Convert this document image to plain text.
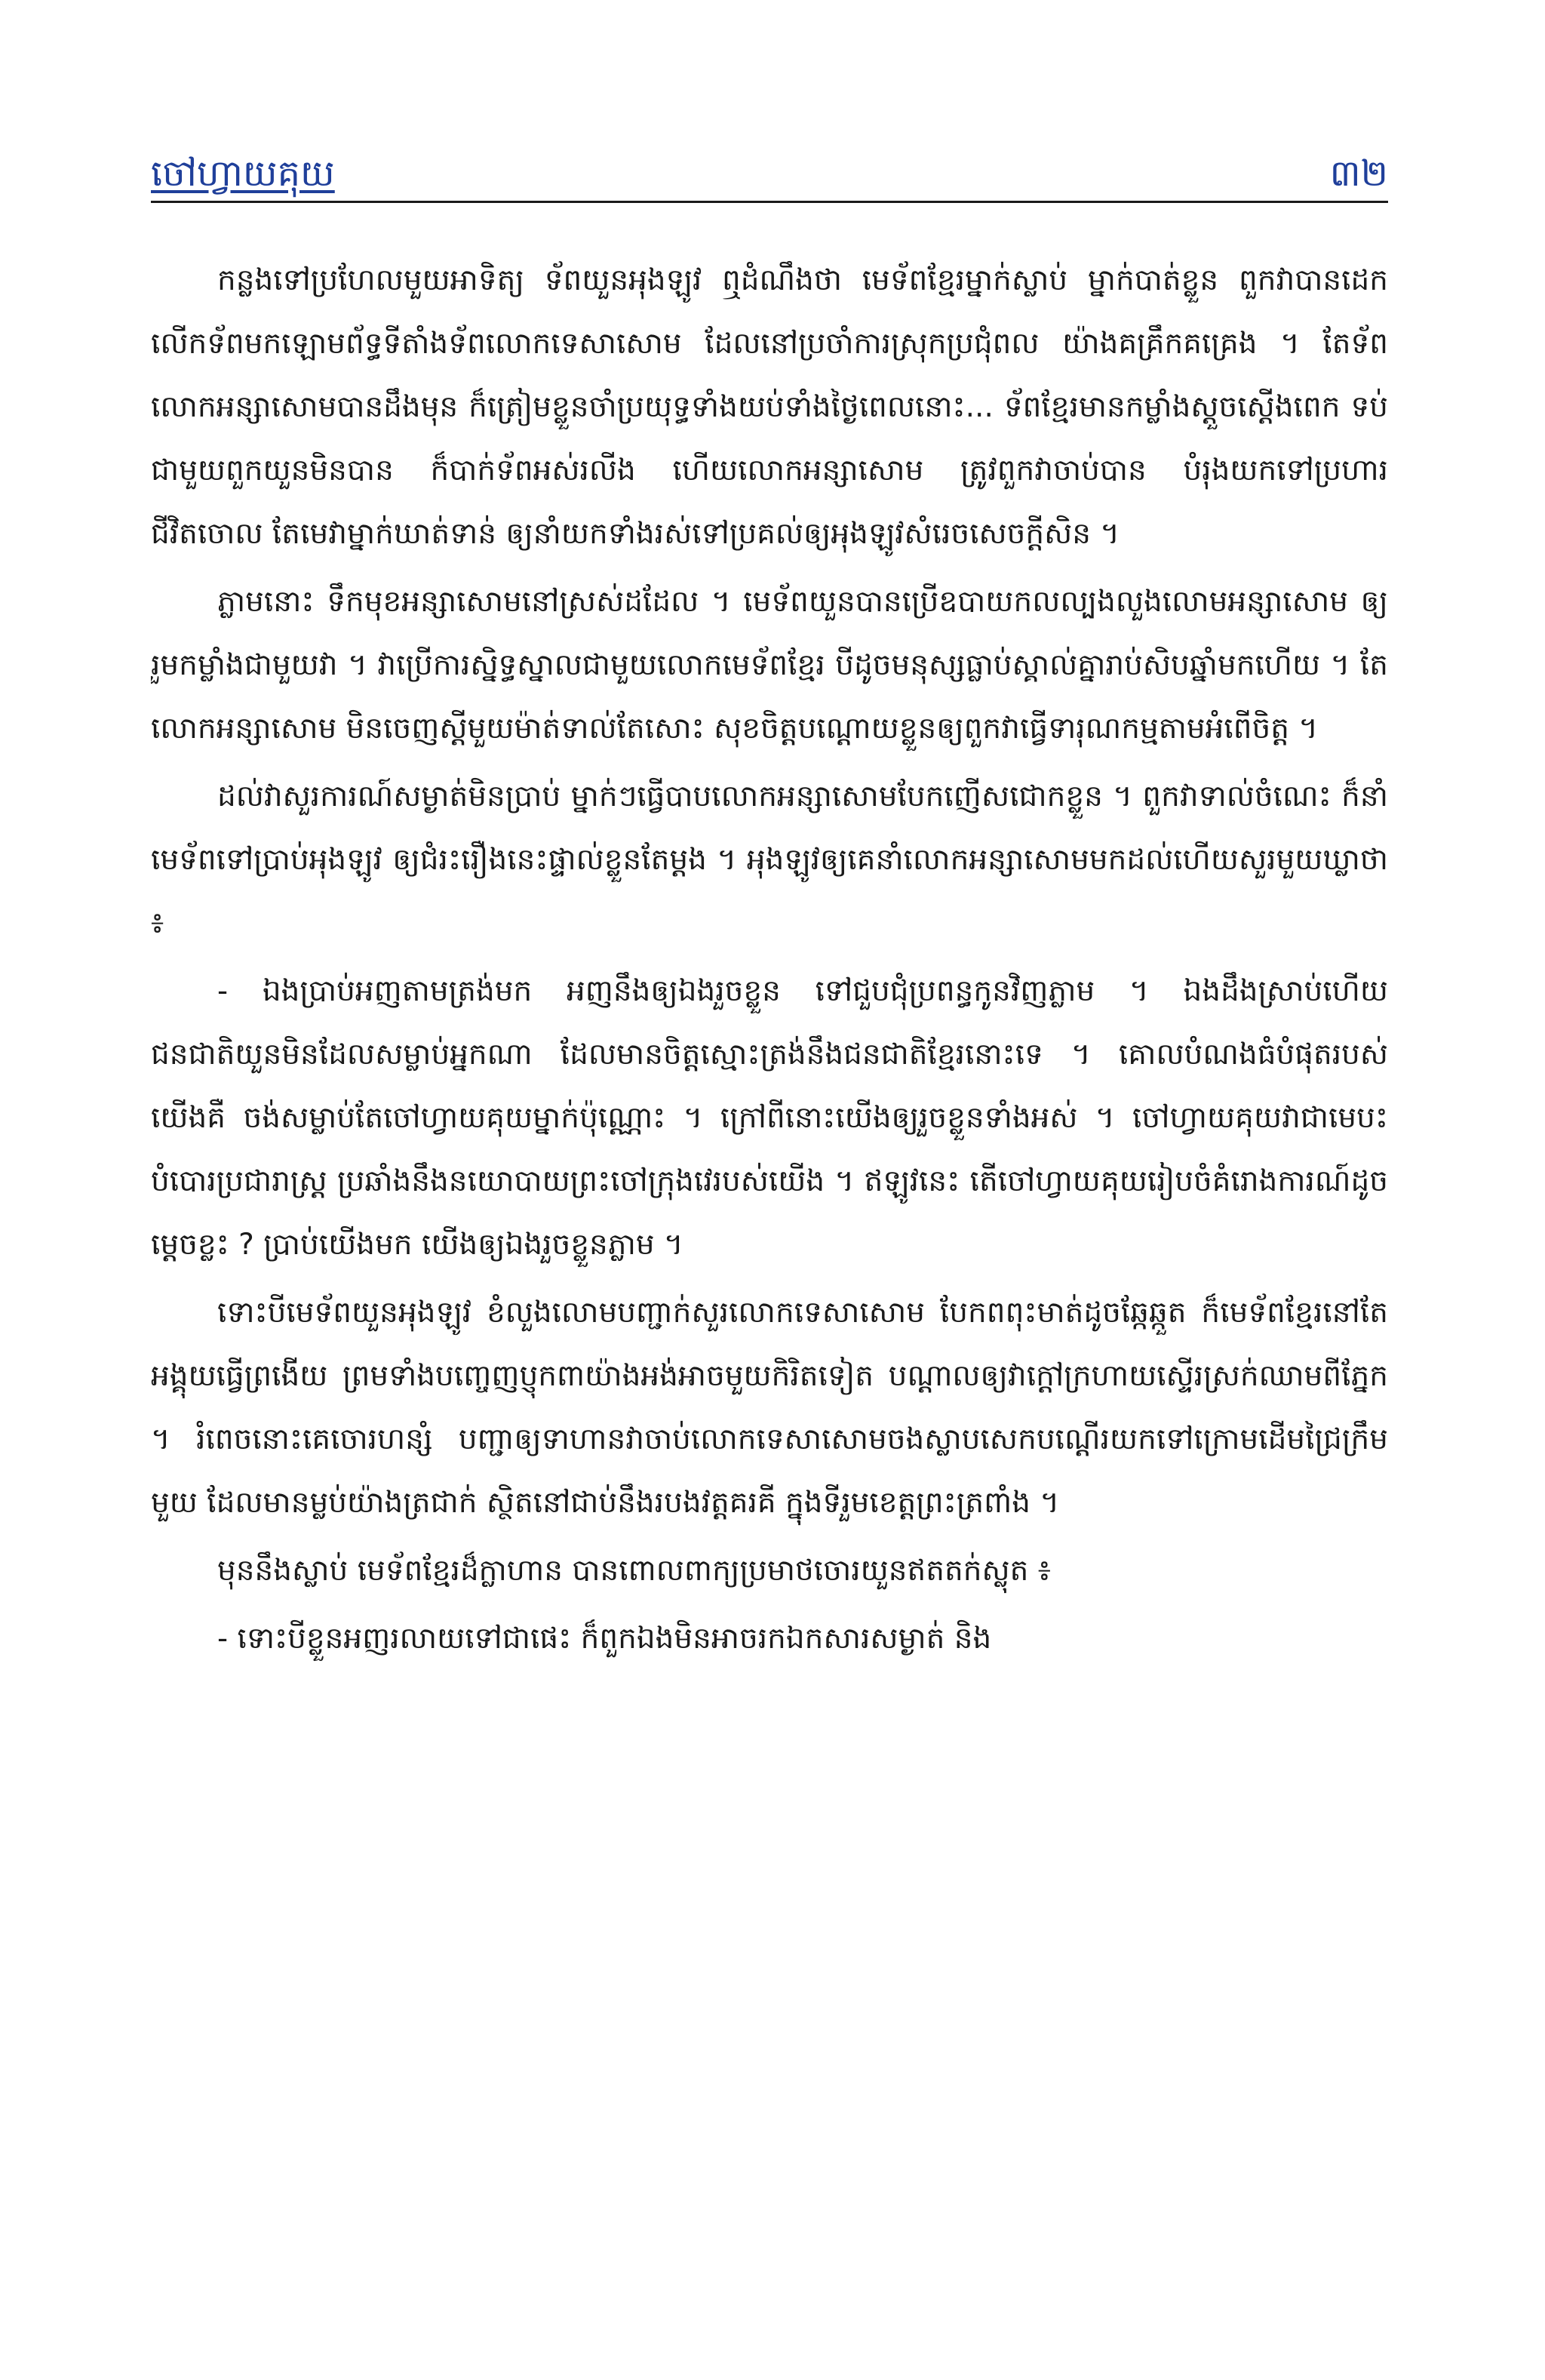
ចៅហ្វាយគុយ	៣២

កន្លងទៅប្រហែលមួយអាទិត្យ ទ័ពយួនអុងឡូវ ឮដំណឹងថា មេទ័ពខ្មែរម្នាក់ស្លាប់ ម្នាក់បាត់ខ្លួន ពួកវាបានដេកលើកទ័ពមកឡោមព័ទ្ធទីតាំងទ័ពលោកទេសាសោម ដែលនៅប្រចាំការស្រុកប្រជុំពល យ៉ាងគគ្រឹកគគ្រេង ។ តែទ័ពលោកអន្សាសោមបានដឹងមុន ក៏ត្រៀមខ្លួនចាំប្រយុទ្ធទាំងយប់ទាំងថ្ងៃពេលនោះ... ទ័ពខ្មែរមានកម្លាំងស្តួចស្តើងពេក ទប់ជាមួយពួកយួនមិនបាន ក៏បាក់ទ័ពអស់រលីង ហើយលោកអន្សាសោម ត្រូវពួកវាចាប់បាន បំរុងយកទៅប្រហារជីវិតចោល តែមេវាម្នាក់ឃាត់ទាន់ ឲ្យនាំយកទាំងរស់ទៅប្រគល់ឲ្យអុងឡូវសំរេចសេចក្តីសិន ។

ភ្លាមនោះ ទឹកមុខអន្សាសោមនៅស្រស់ដដែល ។ មេទ័ពយួនបានប្រើឧបាយកលល្បងលួងលោមអន្សាសោម ឲ្យរួមកម្លាំងជាមួយវា ។ វាប្រើការស្និទ្ធស្នាលជាមួយលោកមេទ័ពខ្មែរ បីដូចមនុស្សធ្លាប់ស្គាល់គ្នារាប់សិបឆ្នាំមកហើយ ។ តែលោកអន្សាសោម មិនចេញស្តីមួយម៉ាត់ទាល់តែសោះ សុខចិត្តបណ្តោយខ្លួនឲ្យពួកវាធ្វើទារុណកម្មតាមអំពើចិត្ត ។

ដល់វាសួរការណ៍សម្ងាត់មិនប្រាប់ ម្នាក់ៗធ្វើបាបលោកអន្សាសោមបែកញើសជោកខ្លួន ។ ពួកវាទាល់ចំណេះ ក៏នាំមេទ័ពទៅប្រាប់អុងឡូវ ឲ្យជំរះរឿងនេះផ្ទាល់ខ្លួនតែម្តង ។ អុងឡូវឲ្យគេនាំលោកអន្សាសោមមកដល់ហើយសួរមួយឃ្លាថា ៖

- ឯងប្រាប់អញតាមត្រង់មក អញនឹងឲ្យឯងរួចខ្លួន ទៅជួបជុំប្រពន្ធកូនវិញភ្លាម ។ ឯងដឹងស្រាប់ហើយ ជនជាតិយួនមិនដែលសម្លាប់អ្នកណា ដែលមានចិត្តស្មោះត្រង់នឹងជនជាតិខ្មែរនោះទេ ។ គោលបំណងធំបំផុតរបស់យើងគឺ ចង់សម្លាប់តែចៅហ្វាយគុយម្នាក់ប៉ុណ្ណោះ ។ ក្រៅពីនោះយើងឲ្យរួចខ្លួនទាំងអស់ ។ ចៅហ្វាយគុយវាជាមេបះបំបោរប្រជារាស្ត្រ ប្រឆាំងនឹងនយោបាយព្រះចៅក្រុងវេរបស់យើង ។ ឥឡូវនេះ តើចៅហ្វាយគុយរៀបចំគំរោងការណ៍ដូចម្តេចខ្លះ ? ប្រាប់យើងមក យើងឲ្យឯងរួចខ្លួនភ្លាម ។

ទោះបីមេទ័ពយួនអុងឡូវ ខំលួងលោមបញ្ជាក់សួរលោកទេសាសោម បែកពពុះមាត់ដូចឆ្កែឆ្កួត ក៏មេទ័ពខ្មែរនៅតែអង្គុយធ្វើព្រងើយ ព្រមទាំងបញ្ចេញប្ញុកពាយ៉ាងអង់អាចមួយកិរិតទៀត បណ្តាលឲ្យវាក្តៅក្រហាយស្ទើរស្រក់ឈាមពីភ្នែក ។ រំពេចនោះគេចោរហន្សំ បញ្ជាឲ្យទាហានវាចាប់លោកទេសាសោមចងស្លាបសេកបណ្តើរយកទៅក្រោមដើមជ្រៃក្រឹមមួយ ដែលមានម្លប់យ៉ាងត្រជាក់ ស្ថិតនៅជាប់នឹងរបងវត្តគរគី ក្នុងទីរួមខេត្តព្រះត្រពាំង ។

មុននឹងស្លាប់ មេទ័ពខ្មែរដ៏ក្លាហាន បានពោលពាក្យប្រមាថចោរយួនឥតតក់ស្លុត ៖

- ទោះបីខ្លួនអញរលាយទៅជាផេះ ក៏ពួកឯងមិនអាចរកឯកសារសម្ងាត់ និង
